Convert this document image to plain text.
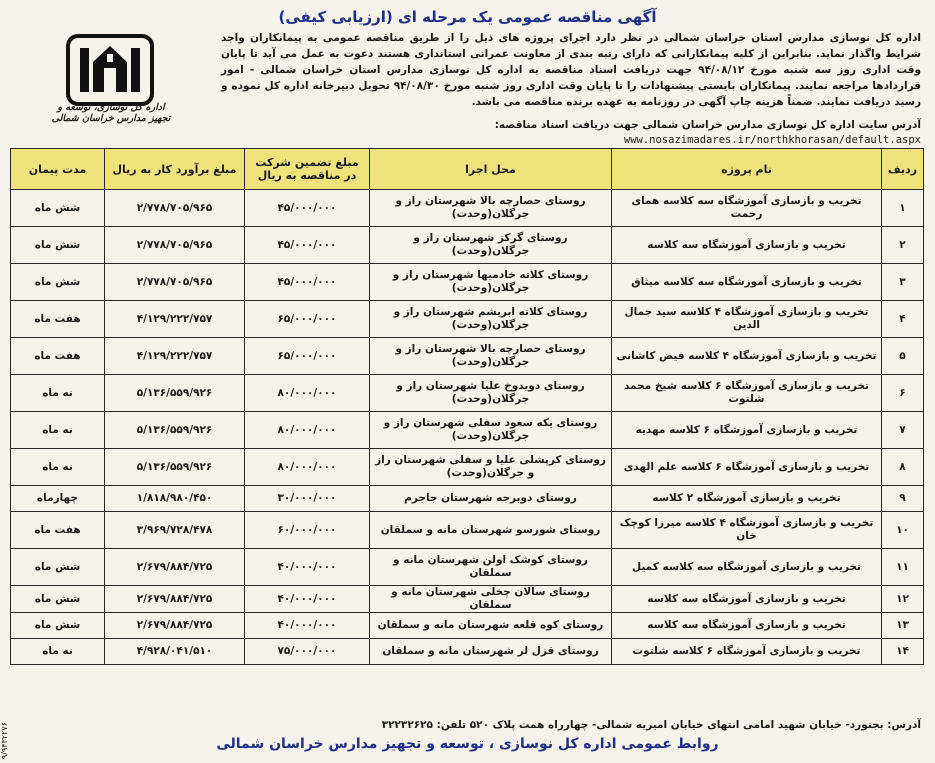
آگهی مناقصه عمومی یک مرحله ای (ارزیابی کیفی)
اداره کل نوسازی مدارس استان خراسان شمالی در نظر دارد اجرای پروژه های ذیل را از طریق مناقصه عمومی به پیمانکاران واجد شرایط واگذار نماید. بنابراین از کلیه پیمانکارانی که دارای رتبه بندی از معاونت عمرانی استانداری هستند دعوت به عمل می آید تا پایان وقت اداری روز سه شنبه مورخ ۹۴/۰۸/۱۲ جهت دریافت اسناد مناقصه به اداره کل نوسازی مدارس استان خراسان شمالی - امور قراردادها مراجعه نمایند. پیمانکاران بایستی پیشنهادات را تا پایان وقت اداری روز شنبه مورخ ۹۴/۰۸/۳۰ تحویل دبیرخانه اداره کل نموده و رسید دریافت نمایند. ضمناً هزینه چاپ آگهی در روزنامه به عهده برنده مناقصه می باشد.
آدرس سایت اداره کل نوسازی مدارس خراسان شمالی جهت دریافت اسناد مناقصه:
www.nosazimadares.ir/northkhorasan/default.aspx
اداره کل نوسازی، توسعه و تجهیز مدارس خراسان شمالی
ردیف	نام پروژه	محل اجرا	مبلغ تضمین شرکت در مناقصه به ریال	مبلغ برآورد کار به ریال	مدت پیمان
۱	تخریب و بازسازی آموزشگاه سه کلاسه همای رحمت	روستای حصارچه بالا شهرستان راز و جرگلان(وحدت)	۴۵/۰۰۰/۰۰۰	۲/۷۷۸/۷۰۵/۹۶۵	شش ماه
۲	تخریب و بازسازی آموزشگاه سه کلاسه	روستای گرکز شهرستان راز و جرگلان(وحدت)	۴۵/۰۰۰/۰۰۰	۲/۷۷۸/۷۰۵/۹۶۵	شش ماه
۳	تخریب و بازسازی آموزشگاه سه کلاسه میثاق	روستای کلاته خادمیها شهرستان راز و جرگلان(وحدت)	۴۵/۰۰۰/۰۰۰	۲/۷۷۸/۷۰۵/۹۶۵	شش ماه
۴	تخریب و بازسازی آموزشگاه ۴ کلاسه سید جمال الدین	روستای کلاته ابریشم شهرستان راز و جرگلان(وحدت)	۶۵/۰۰۰/۰۰۰	۴/۱۲۹/۲۲۲/۷۵۷	هفت ماه
۵	تخریب و بازسازی آموزشگاه ۴ کلاسه فیض کاشانی	روستای حصارچه بالا شهرستان راز و جرگلان(وحدت)	۶۵/۰۰۰/۰۰۰	۴/۱۲۹/۲۲۲/۷۵۷	هفت ماه
۶	تخریب و بازسازی آموزشگاه ۶ کلاسه شیخ محمد شلتوت	روستای دویدوخ علیا شهرستان راز و جرگلان(وحدت)	۸۰/۰۰۰/۰۰۰	۵/۱۳۶/۵۵۹/۹۲۶	نه ماه
۷	تخریب و بازسازی آموزشگاه ۶ کلاسه مهدیه	روستای یکه سعود سفلی شهرستان راز و جرگلان(وحدت)	۸۰/۰۰۰/۰۰۰	۵/۱۳۶/۵۵۹/۹۲۶	نه ماه
۸	تخریب و بازسازی آموزشگاه ۶ کلاسه علم الهدی	روستای کرپشلی علیا و سفلی شهرستان راز و جرگلان(وحدت)	۸۰/۰۰۰/۰۰۰	۵/۱۳۶/۵۵۹/۹۲۶	نه ماه
۹	تخریب و بازسازی آموزشگاه ۲ کلاسه	روستای دوبرجه شهرستان جاجرم	۳۰/۰۰۰/۰۰۰	۱/۸۱۸/۹۸۰/۴۵۰	چهارماه
۱۰	تخریب و بازسازی آموزشگاه ۴ کلاسه میرزا کوچک خان	روستای شورسو شهرستان مانه و سملقان	۶۰/۰۰۰/۰۰۰	۳/۹۶۹/۷۲۸/۴۷۸	هفت ماه
۱۱	تخریب و بازسازی آموزشگاه سه کلاسه کمیل	روستای کوشک اولن شهرستان مانه و سملقان	۴۰/۰۰۰/۰۰۰	۲/۶۷۹/۸۸۴/۷۲۵	شش ماه
۱۲	تخریب و بازسازی آموزشگاه سه کلاسه	روستای سالان چخلی شهرستان مانه و سملقان	۴۰/۰۰۰/۰۰۰	۲/۶۷۹/۸۸۴/۷۲۵	شش ماه
۱۳	تخریب و بازسازی آموزشگاه سه کلاسه	روستای کوه قلعه شهرستان مانه و سملقان	۴۰/۰۰۰/۰۰۰	۲/۶۷۹/۸۸۴/۷۲۵	شش ماه
۱۴	تخریب و بازسازی آموزشگاه ۶ کلاسه شلتوت	روستای قزل لر شهرستان مانه و سملقان	۷۵/۰۰۰/۰۰۰	۴/۹۲۸/۰۴۱/۵۱۰	نه ماه
آدرس: بجنورد- خیابان شهید امامی انتهای خیابان امیریه شمالی- چهارراه همت پلاک ۵۲۰ تلفن: ۳۲۲۳۲۶۲۵
روابط عمومی اداره کل نوسازی ، توسعه و تجهیز مدارس خراسان شمالی
۹/۹۴۳۲۲۷۶
